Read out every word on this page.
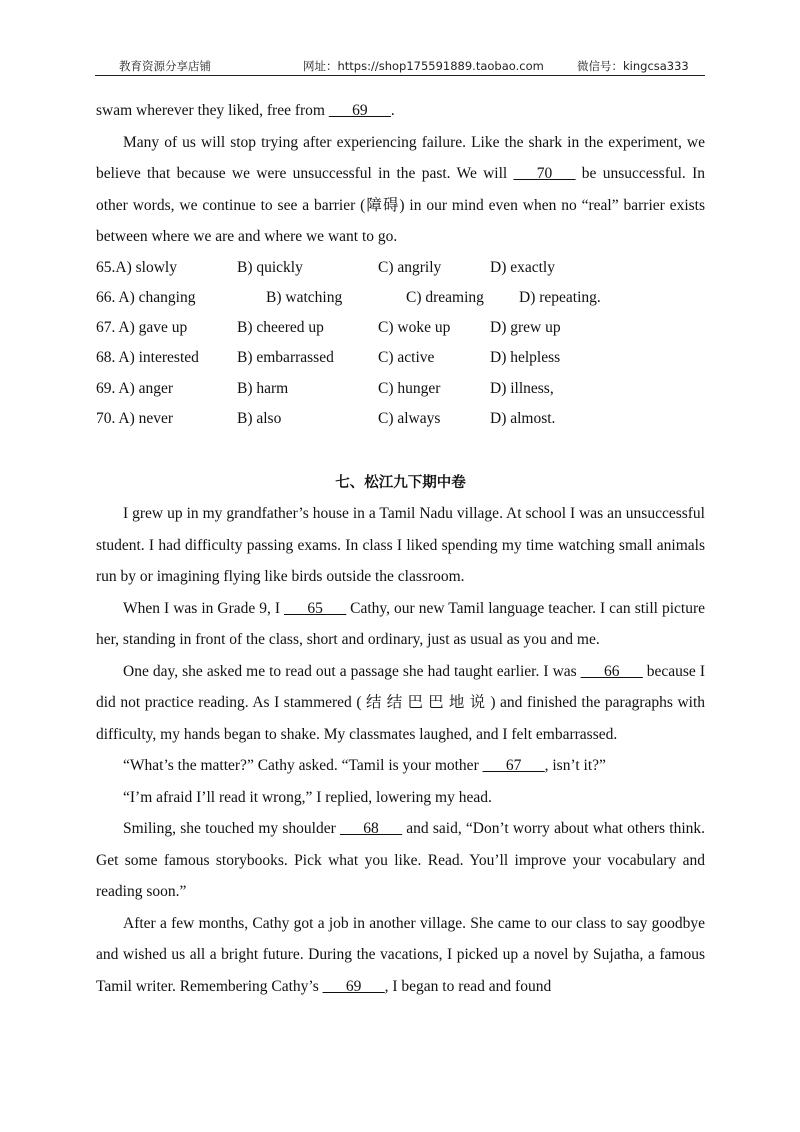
教育资源分享店铺	网址：https://shop175591889.taobao.com	微信号：kingcsa333

swam wherever they liked, free from ___69___.

Many of us will stop trying after experiencing failure. Like the shark in the experiment, we believe that because we were unsuccessful in the past. We will ___70___ be unsuccessful. In other words, we continue to see a barrier (障碍) in our mind even when no “real” barrier exists between where we are and where we want to go.

65.A) slowly	B) quickly	C) angrily	D) exactly
66. A) changing	B) watching	C) dreaming D) repeating.
67. A) gave up	B) cheered up	C) woke up	D) grew up
68. A) interested B) embarrassed	C) active	D) helpless
69. A) anger	B) harm	C) hunger	D) illness,
70. A) never	B) also	C) always	D) almost.
七、松江九下期中卷

I grew up in my grandfather’s house in a Tamil Nadu village. At school I was an unsuccessful student. I had difficulty passing exams. In class I liked spending my time watching small animals run by or imagining flying like birds outside the classroom.

When I was in Grade 9, I ___65___ Cathy, our new Tamil language teacher. I can still picture her, standing in front of the class, short and ordinary, just as usual as you and me.

One day, she asked me to read out a passage she had taught earlier. I was ___66___ because I did not practice reading. As I stammered ( 结 结 巴 巴 地 说 ) and finished the paragraphs with difficulty, my hands began to shake. My classmates laughed, and I felt embarrassed.

“What’s the matter?” Cathy asked. “Tamil is your mother ___67___, isn’t it?”

“I’m afraid I’ll read it wrong,” I replied, lowering my head.

Smiling, she touched my shoulder ___68___ and said, “Don’t worry about what others think. Get some famous storybooks. Pick what you like. Read. You’ll improve your vocabulary and reading soon.”

After a few months, Cathy got a job in another village. She came to our class to say goodbye and wished us all a bright future. During the vacations, I picked up a novel by Sujatha, a famous Tamil writer. Remembering Cathy’s ___69___, I began to read and found
